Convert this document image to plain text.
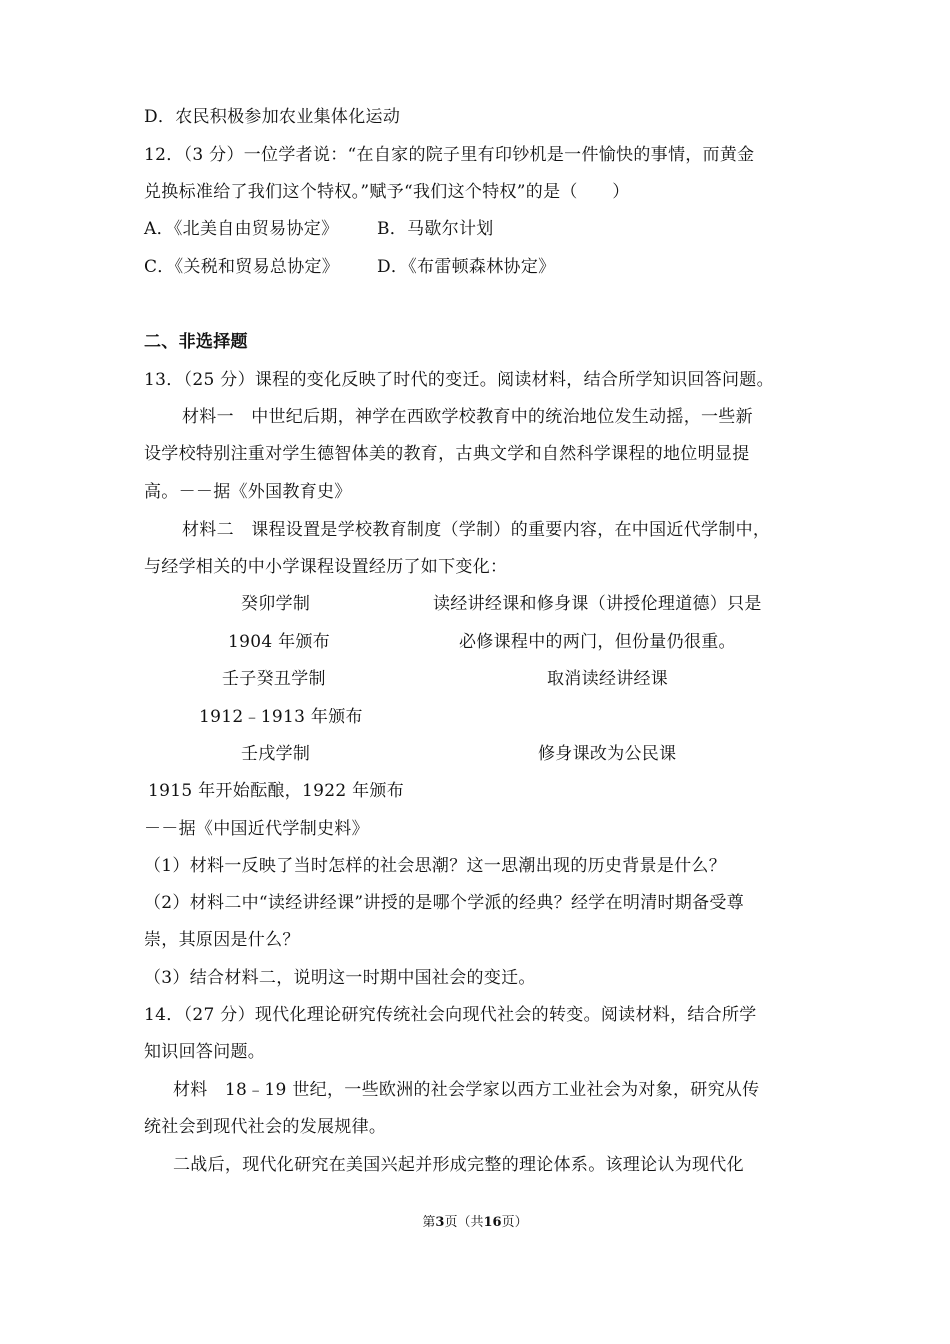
D．农民积极参加农业集体化运动
12．（3 分）一位学者说：“在自家的院子里有印钞机是一件愉快的事情，而黄金
兑换标准给了我们这个特权。”赋予“我们这个特权”的是（　　）
A．《北美自由贸易协定》 B．马歇尔计划
C．《关税和贸易总协定》 D．《布雷顿森林协定》
二、非选择题
13．（25 分）课程的变化反映了时代的变迁。阅读材料，结合所学知识回答问题。
材料一　中世纪后期，神学在西欧学校教育中的统治地位发生动摇，一些新
设学校特别注重对学生德智体美的教育，古典文学和自然科学课程的地位明显提
高。－－据《外国教育史》
材料二　课程设置是学校教育制度（学制）的重要内容，在中国近代学制中，
与经学相关的中小学课程设置经历了如下变化：
癸卯学制	读经讲经课和修身课（讲授伦理道德）只是
1904 年颁布	必修课程中的两门，但份量仍很重。
壬子癸丑学制	取消读经讲经课
1912﹣1913 年颁布
壬戌学制	修身课改为公民课
1915 年开始酝酿，1922 年颁布
－－据《中国近代学制史料》
（1）材料一反映了当时怎样的社会思潮？这一思潮出现的历史背景是什么？
（2）材料二中“读经讲经课”讲授的是哪个学派的经典？经学在明清时期备受尊
崇，其原因是什么？
（3）结合材料二，说明这一时期中国社会的变迁。
14．（27 分）现代化理论研究传统社会向现代社会的转变。阅读材料，结合所学
知识回答问题。
材料　18﹣19 世纪，一些欧洲的社会学家以西方工业社会为对象，研究从传
统社会到现代社会的发展规律。
二战后，现代化研究在美国兴起并形成完整的理论体系。该理论认为现代化
第3页（共16页）
